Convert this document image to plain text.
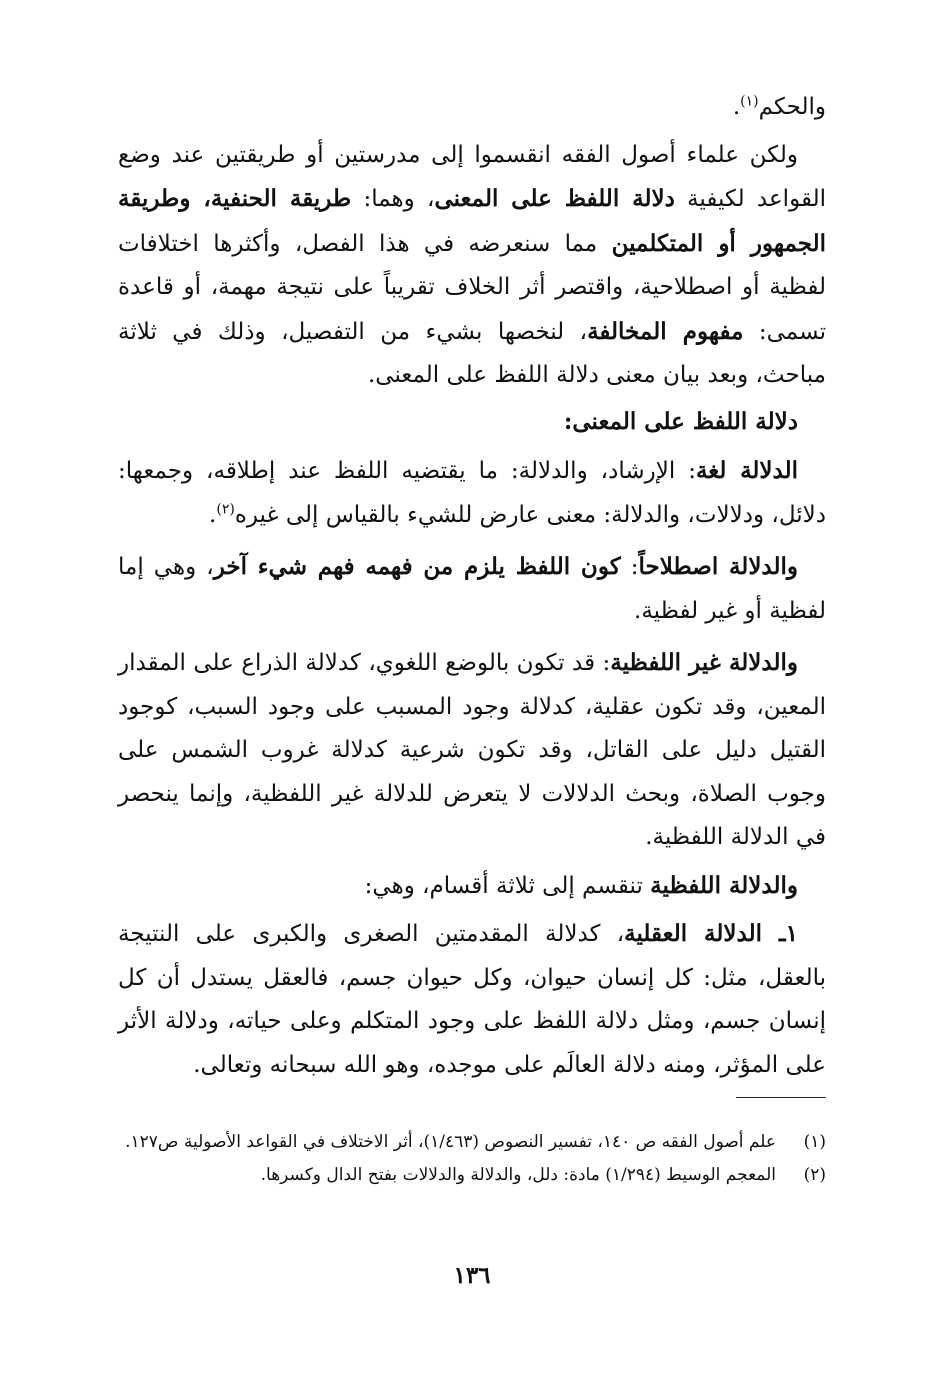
والحكم$^{(١)}$.

ولكن علماء أصول الفقه انقسموا إلى مدرستين أو طريقتين عند وضع القواعد لكيفية دلالة اللفظ على المعنى، وهما: طريقة الحنفية، وطريقة الجمهور أو المتكلمين مما سنعرضه في هذا الفصل، وأكثرها اختلافات لفظية أو اصطلاحية، واقتصر أثر الخلاف تقريباً على نتيجة مهمة، أو قاعدة تسمى: مفهوم المخالفة، لنخصها بشيء من التفصيل، وذلك في ثلاثة مباحث، وبعد بيان معنى دلالة اللفظ على المعنى.

دلالة اللفظ على المعنى:

الدلالة لغة: الإرشاد، والدلالة: ما يقتضيه اللفظ عند إطلاقه، وجمعها: دلائل، ودلالات، والدلالة: معنى عارض للشيء بالقياس إلى غيره$^{(٢)}$.

والدلالة اصطلاحاً: كون اللفظ يلزم من فهمه فهم شيء آخر، وهي إما لفظية أو غير لفظية.

والدلالة غير اللفظية: قد تكون بالوضع اللغوي، كدلالة الذراع على المقدار المعين، وقد تكون عقلية، كدلالة وجود المسبب على وجود السبب، كوجود القتيل دليل على القاتل، وقد تكون شرعية كدلالة غروب الشمس على وجوب الصلاة، وبحث الدلالات لا يتعرض للدلالة غير اللفظية، وإنما ينحصر في الدلالة اللفظية.

والدلالة اللفظية تنقسم إلى ثلاثة أقسام، وهي:

١ـ الدلالة العقلية، كدلالة المقدمتين الصغرى والكبرى على النتيجة بالعقل، مثل: كل إنسان حيوان، وكل حيوان جسم، فالعقل يستدل أن كل إنسان جسم، ومثل دلالة اللفظ على وجود المتكلم وعلى حياته، ودلالة الأثر على المؤثر، ومنه دلالة العالَم على موجده، وهو الله سبحانه وتعالى.

(١)
علم أصول الفقه ص ١٤٠، تفسير النصوص (١/٤٦٣)، أثر الاختلاف في القواعد الأصولية ص١٢٧.

(٢)
المعجم الوسيط (١/٢٩٤) مادة: دلل، والدلالة والدلالات بفتح الدال وكسرها.

١٣٦
